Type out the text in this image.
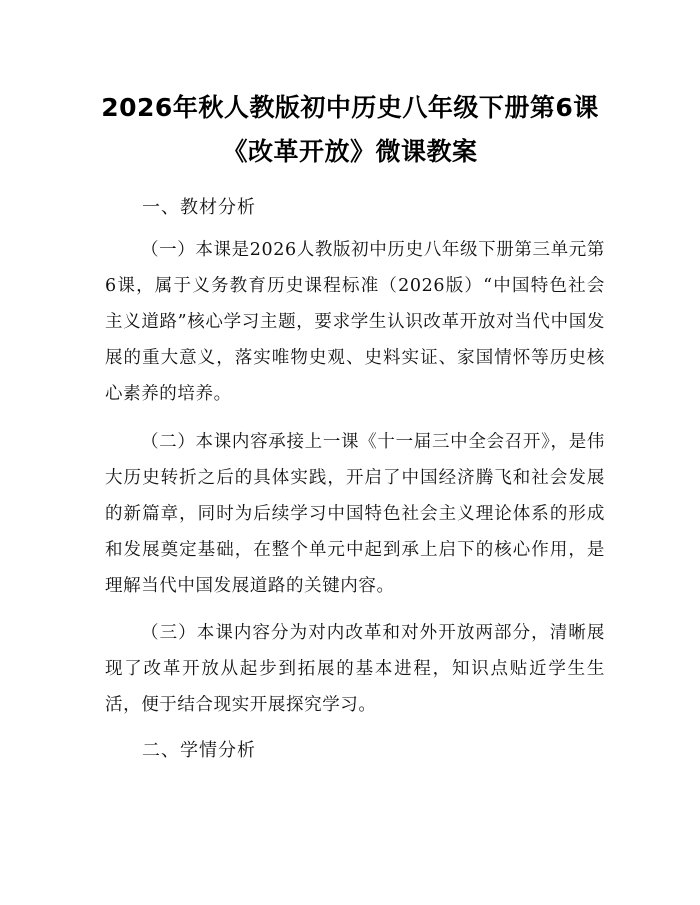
2026年秋人教版初中历史八年级下册第6课
《改革开放》微课教案
一、教材分析

（一）本课是2026人教版初中历史八年级下册第三单元第6课，属于义务教育历史课程标准（2026版）“中国特色社会主义道路”核心学习主题，要求学生认识改革开放对当代中国发展的重大意义，落实唯物史观、史料实证、家国情怀等历史核心素养的培养。

（二）本课内容承接上一课《十一届三中全会召开》，是伟大历史转折之后的具体实践，开启了中国经济腾飞和社会发展的新篇章，同时为后续学习中国特色社会主义理论体系的形成和发展奠定基础，在整个单元中起到承上启下的核心作用，是理解当代中国发展道路的关键内容。

（三）本课内容分为对内改革和对外开放两部分，清晰展现了改革开放从起步到拓展的基本进程，知识点贴近学生生活，便于结合现实开展探究学习。

二、学情分析
